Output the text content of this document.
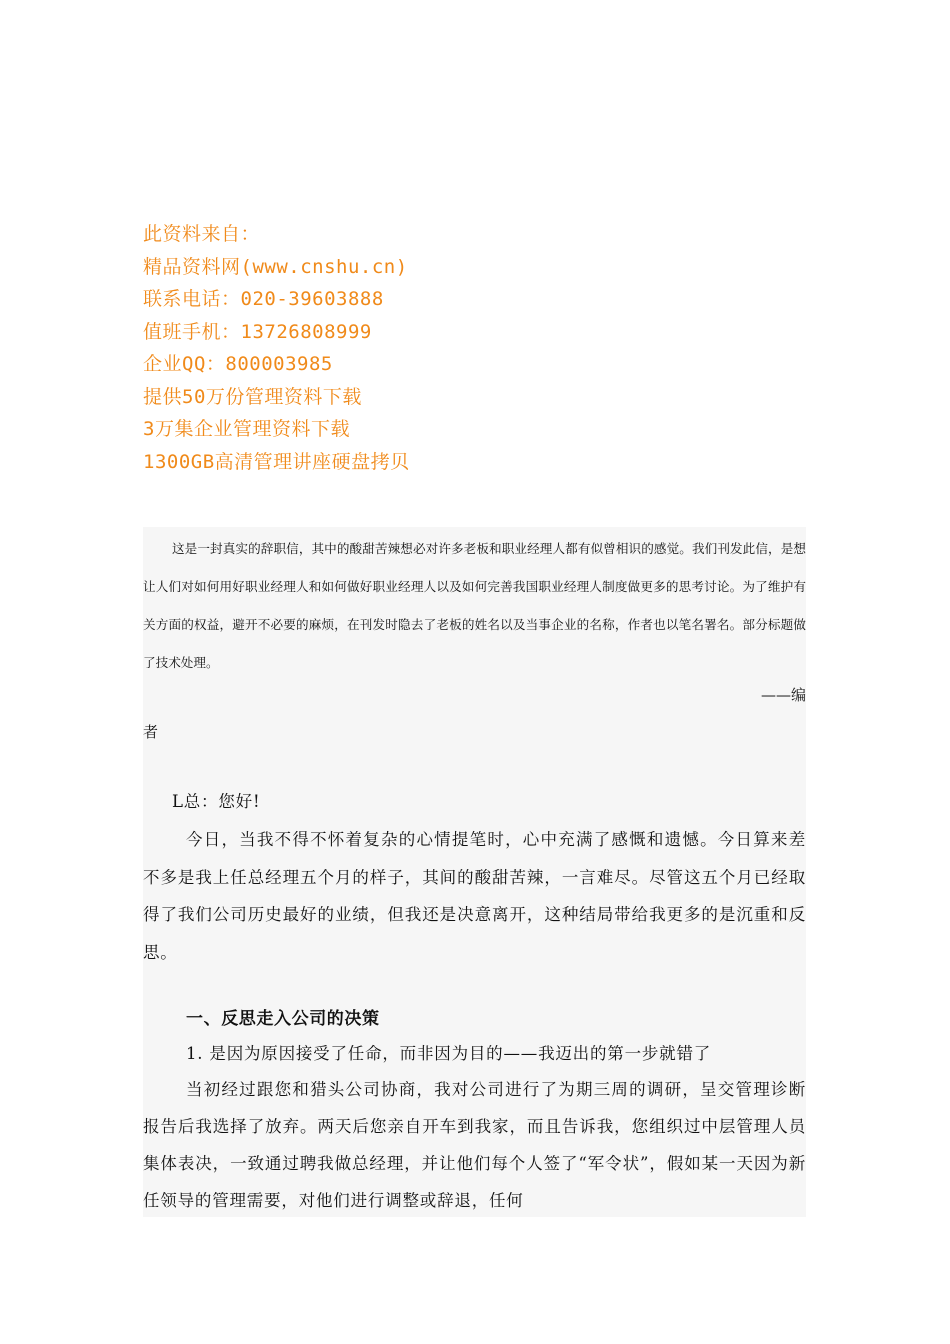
此资料来自：
精品资料网(www.cnshu.cn)
联系电话：020-39603888
值班手机：13726808999
企业QQ：800003985
提供50万份管理资料下载
3万集企业管理资料下载
1300GB高清管理讲座硬盘拷贝

这是一封真实的辞职信，其中的酸甜苦辣想必对许多老板和职业经理人都有似曾相识的感觉。我们刊发此信，是想让人们对如何用好职业经理人和如何做好职业经理人以及如何完善我国职业经理人制度做更多的思考讨论。为了维护有关方面的权益，避开不必要的麻烦，在刊发时隐去了老板的姓名以及当事企业的名称，作者也以笔名署名。部分标题做了技术处理。

——编

者

L总：您好!

今日，当我不得不怀着复杂的心情提笔时，心中充满了感慨和遗憾。今日算来差不多是我上任总经理五个月的样子，其间的酸甜苦辣，一言难尽。尽管这五个月已经取得了我们公司历史最好的业绩，但我还是决意离开，这种结局带给我更多的是沉重和反思。

一、反思走入公司的决策

1. 是因为原因接受了任命，而非因为目的——我迈出的第一步就错了

当初经过跟您和猎头公司协商，我对公司进行了为期三周的调研，呈交管理诊断报告后我选择了放弃。两天后您亲自开车到我家，而且告诉我，您组织过中层管理人员集体表决，一致通过聘我做总经理，并让他们每个人签了“军令状”，假如某一天因为新任领导的管理需要，对他们进行调整或辞退，任何
